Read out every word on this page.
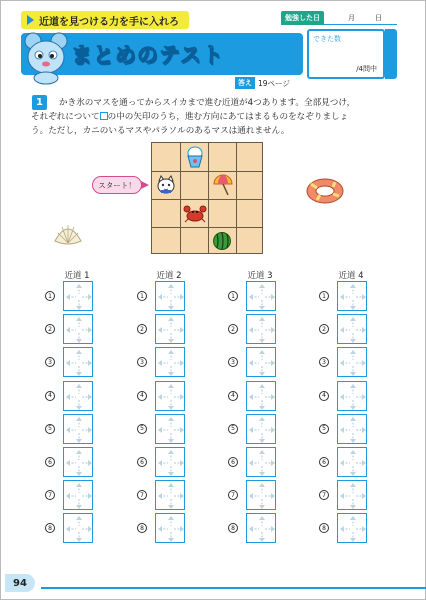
近道を見つける力を手に入れろ
まとめのテスト
答え 19ページ
勉強した日	月	日
できた数
/4問中
1	かき氷のマスを通ってからスイカまで進む近道が4つあります。全部見つけ，
それぞれについて の中の矢印のうち，進む方向にあてはまるものをなぞりましょ
う。ただし，カニのいるマスやパラソルのあるマスは通れません。
スタート！
近道 1
1
2
3
4
5
6
7
8
近道 2
1
2
3
4
5
6
7
8
近道 3
1
2
3
4
5
6
7
8
近道 4
1
2
3
4
5
6
7
8
94
